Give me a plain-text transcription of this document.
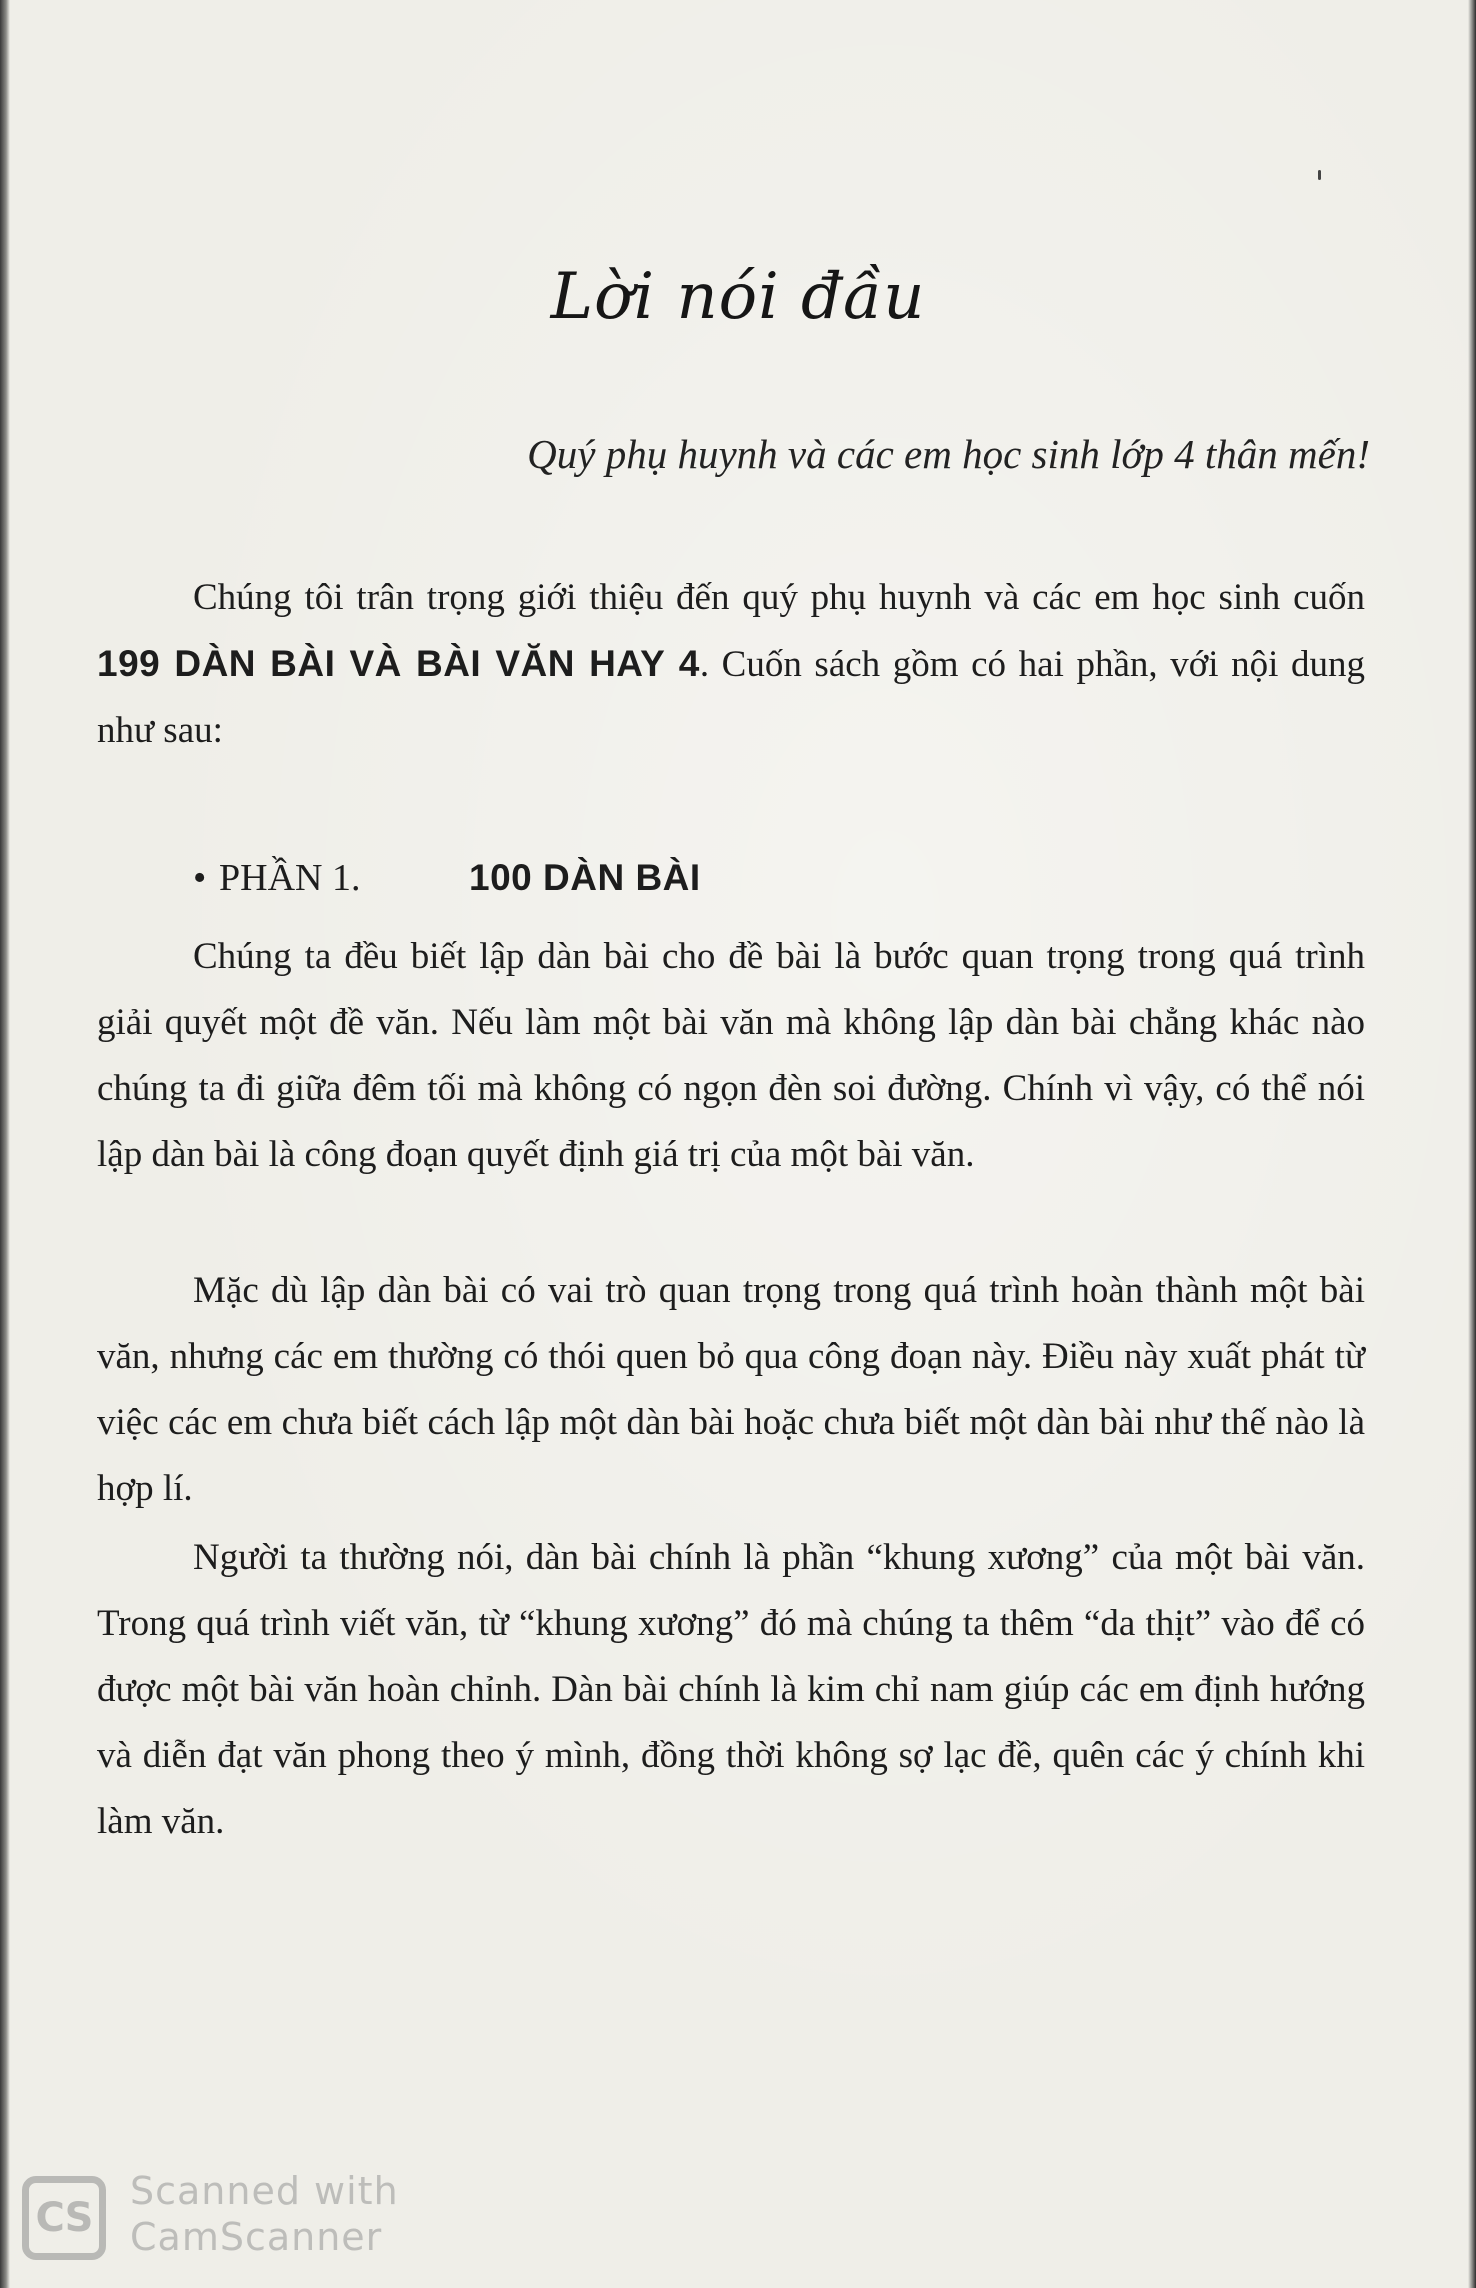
Lời nói đầu
Quý phụ huynh và các em học sinh lớp 4 thân mến!

Chúng tôi trân trọng giới thiệu đến quý phụ huynh và các em học sinh cuốn 199 DÀN BÀI VÀ BÀI VĂN HAY 4. Cuốn sách gồm có hai phần, với nội dung như sau:

• PHẦN 1.	100 DÀN BÀI

Chúng ta đều biết lập dàn bài cho đề bài là bước quan trọng trong quá trình giải quyết một đề văn. Nếu làm một bài văn mà không lập dàn bài chẳng khác nào chúng ta đi giữa đêm tối mà không có ngọn đèn soi đường. Chính vì vậy, có thể nói lập dàn bài là công đoạn quyết định giá trị của một bài văn.

Mặc dù lập dàn bài có vai trò quan trọng trong quá trình hoàn thành một bài văn, nhưng các em thường có thói quen bỏ qua công đoạn này. Điều này xuất phát từ việc các em chưa biết cách lập một dàn bài hoặc chưa biết một dàn bài như thế nào là hợp lí.

Người ta thường nói, dàn bài chính là phần “khung xương” của một bài văn. Trong quá trình viết văn, từ “khung xương” đó mà chúng ta thêm “da thịt” vào để có được một bài văn hoàn chỉnh. Dàn bài chính là kim chỉ nam giúp các em định hướng và diễn đạt văn phong theo ý mình, đồng thời không sợ lạc đề, quên các ý chính khi làm văn.

CS
Scanned with
CamScanner
